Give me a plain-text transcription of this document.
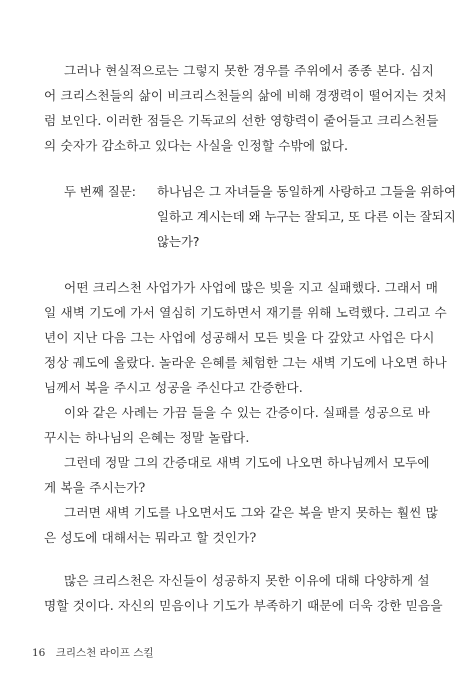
그러나 현실적으로는 그렇지 못한 경우를 주위에서 종종 본다. 심지
어 크리스천들의 삶이 비크리스천들의 삶에 비해 경쟁력이 떨어지는 것처
럼 보인다. 이러한 점들은 기독교의 선한 영향력이 줄어들고 크리스천들
의 숫자가 감소하고 있다는 사실을 인정할 수밖에 없다.
두 번째 질문: 하나님은 그 자녀들을 동일하게 사랑하고 그들을 위하여
일하고 계시는데 왜 누구는 잘되고, 또 다른 이는 잘되지
않는가?
어떤 크리스천 사업가가 사업에 많은 빚을 지고 실패했다. 그래서 매
일 새벽 기도에 가서 열심히 기도하면서 재기를 위해 노력했다. 그리고 수
년이 지난 다음 그는 사업에 성공해서 모든 빚을 다 갚았고 사업은 다시
정상 궤도에 올랐다. 놀라운 은혜를 체험한 그는 새벽 기도에 나오면 하나
님께서 복을 주시고 성공을 주신다고 간증한다.
이와 같은 사례는 가끔 들을 수 있는 간증이다. 실패를 성공으로 바
꾸시는 하나님의 은혜는 정말 놀랍다.
그런데 정말 그의 간증대로 새벽 기도에 나오면 하나님께서 모두에
게 복을 주시는가?
그러면 새벽 기도를 나오면서도 그와 같은 복을 받지 못하는 훨씬 많
은 성도에 대해서는 뭐라고 할 것인가?
많은 크리스천은 자신들이 성공하지 못한 이유에 대해 다양하게 설
명할 것이다. 자신의 믿음이나 기도가 부족하기 때문에 더욱 강한 믿음을
16 크리스천 라이프 스킬
